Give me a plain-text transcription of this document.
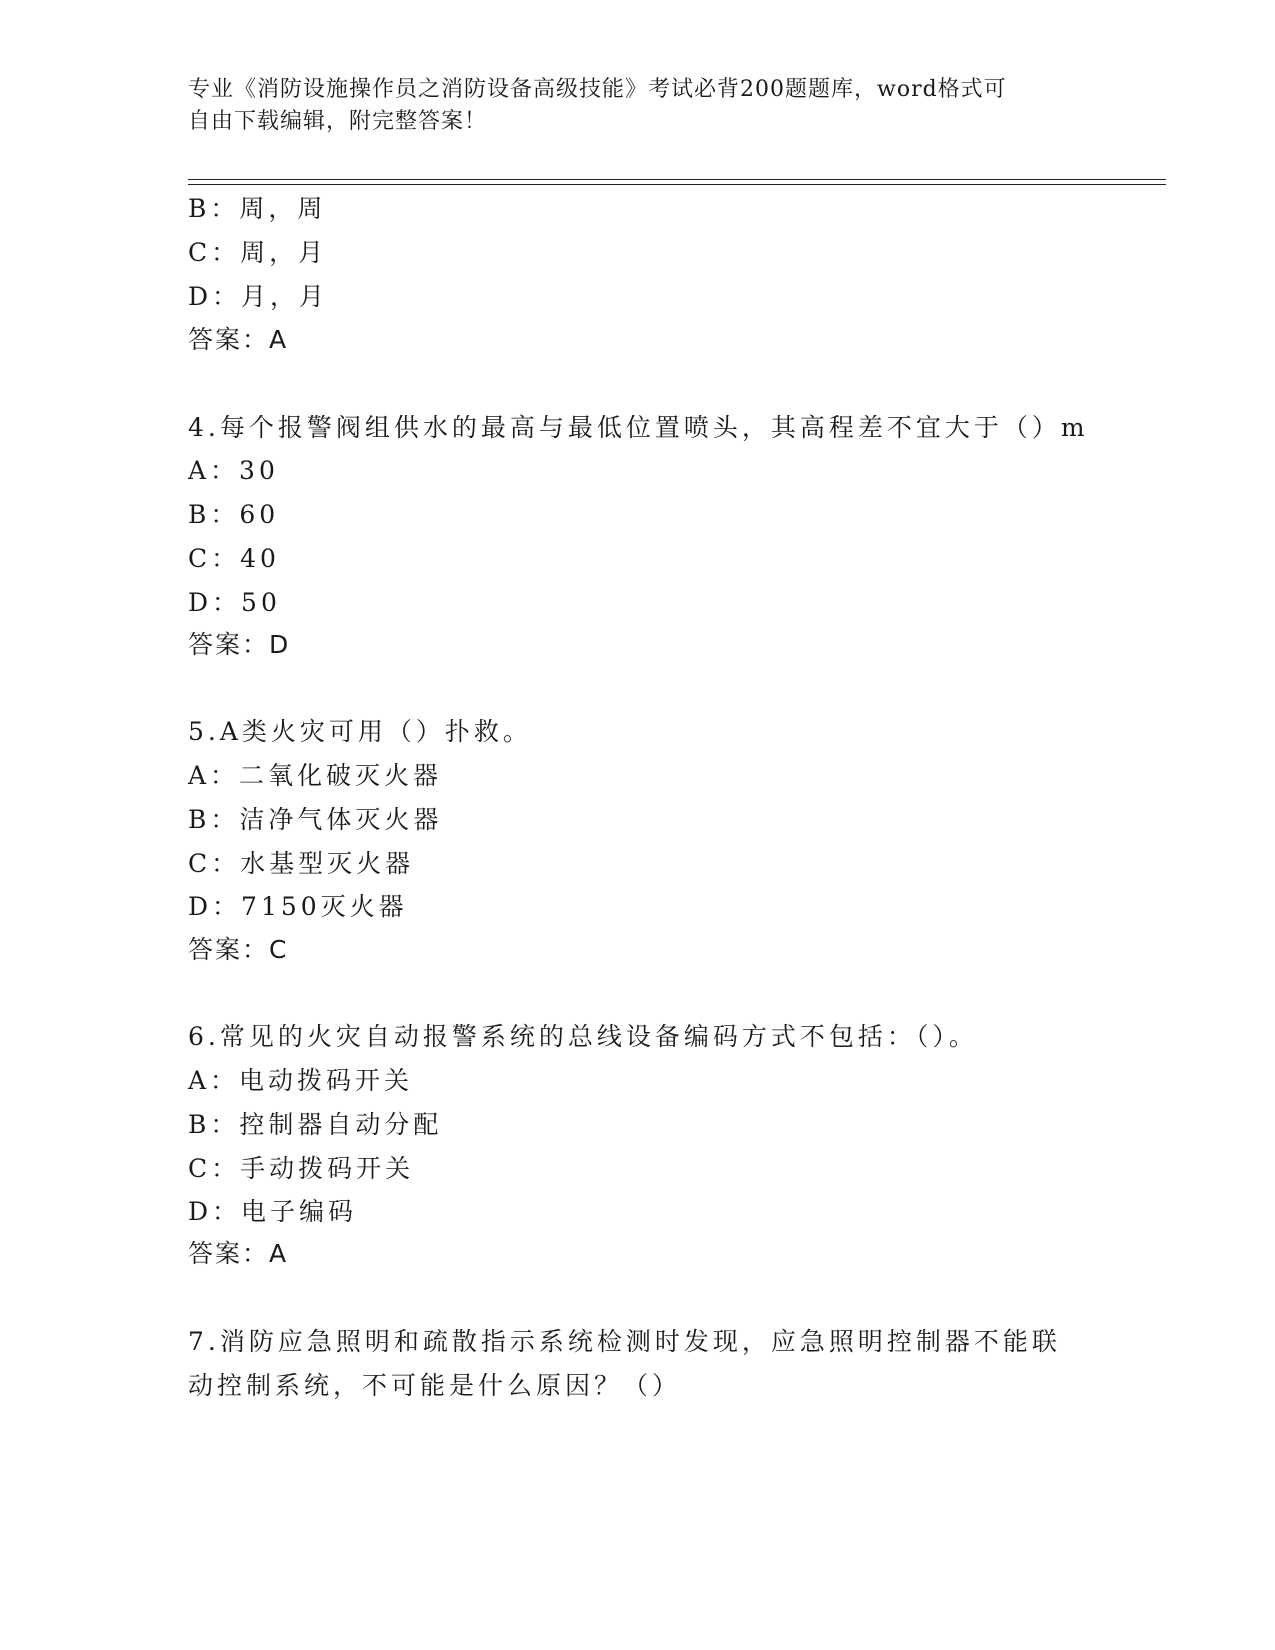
专业《消防设施操作员之消防设备高级技能》考试必背200题题库，word格式可
自由下载编辑，附完整答案！
B：周，周
C：周，月
D：月，月
答案：A
4.每个报警阀组供水的最高与最低位置喷头，其高程差不宜大于（）m
A：30
B：60
C：40
D：50
答案：D
5.A类火灾可用（）扑救。
A：二氧化破灭火器
B：洁净气体灭火器
C：水基型灭火器
D：7150灭火器
答案：C
6.常见的火灾自动报警系统的总线设备编码方式不包括：（）。
A：电动拨码开关
B：控制器自动分配
C：手动拨码开关
D：电子编码
答案：A
7.消防应急照明和疏散指示系统检测时发现，应急照明控制器不能联
动控制系统，不可能是什么原因？（）
